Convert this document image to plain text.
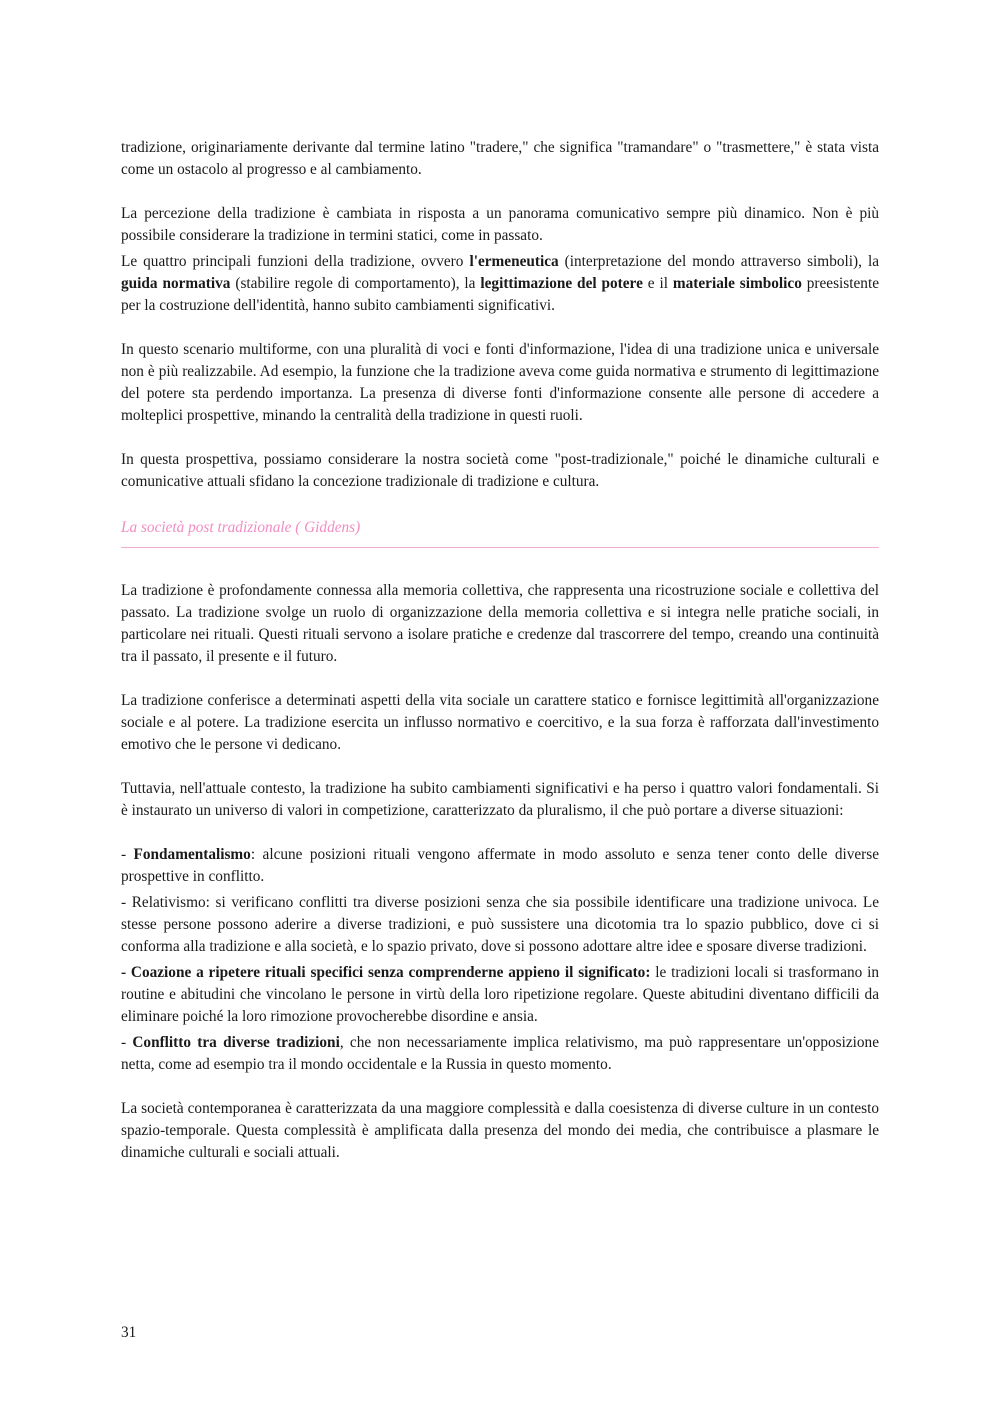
tradizione, originariamente derivante dal termine latino "tradere," che significa "tramandare" o "trasmettere," è stata vista come un ostacolo al progresso e al cambiamento.

La percezione della tradizione è cambiata in risposta a un panorama comunicativo sempre più dinamico. Non è più possibile considerare la tradizione in termini statici, come in passato.

Le quattro principali funzioni della tradizione, ovvero l'ermeneutica (interpretazione del mondo attraverso simboli), la guida normativa (stabilire regole di comportamento), la legittimazione del potere e il materiale simbolico preesistente per la costruzione dell'identità, hanno subito cambiamenti significativi.

In questo scenario multiforme, con una pluralità di voci e fonti d'informazione, l'idea di una tradizione unica e universale non è più realizzabile. Ad esempio, la funzione che la tradizione aveva come guida normativa e strumento di legittimazione del potere sta perdendo importanza. La presenza di diverse fonti d'informazione consente alle persone di accedere a molteplici prospettive, minando la centralità della tradizione in questi ruoli.

In questa prospettiva, possiamo considerare la nostra società come "post-tradizionale," poiché le dinamiche culturali e comunicative attuali sfidano la concezione tradizionale di tradizione e cultura.

La società post tradizionale ( Giddens)

La tradizione è profondamente connessa alla memoria collettiva, che rappresenta una ricostruzione sociale e collettiva del passato. La tradizione svolge un ruolo di organizzazione della memoria collettiva e si integra nelle pratiche sociali, in particolare nei rituali. Questi rituali servono a isolare pratiche e credenze dal trascorrere del tempo, creando una continuità tra il passato, il presente e il futuro.

La tradizione conferisce a determinati aspetti della vita sociale un carattere statico e fornisce legittimità all'organizzazione sociale e al potere. La tradizione esercita un influsso normativo e coercitivo, e la sua forza è rafforzata dall'investimento emotivo che le persone vi dedicano.

Tuttavia, nell'attuale contesto, la tradizione ha subito cambiamenti significativi e ha perso i quattro valori fondamentali. Si è instaurato un universo di valori in competizione, caratterizzato da pluralismo, il che può portare a diverse situazioni:

- Fondamentalismo: alcune posizioni rituali vengono affermate in modo assoluto e senza tener conto delle diverse prospettive in conflitto.

- Relativismo: si verificano conflitti tra diverse posizioni senza che sia possibile identificare una tradizione univoca. Le stesse persone possono aderire a diverse tradizioni, e può sussistere una dicotomia tra lo spazio pubblico, dove ci si conforma alla tradizione e alla società, e lo spazio privato, dove si possono adottare altre idee e sposare diverse tradizioni.

- Coazione a ripetere rituali specifici senza comprenderne appieno il significato: le tradizioni locali si trasformano in routine e abitudini che vincolano le persone in virtù della loro ripetizione regolare. Queste abitudini diventano difficili da eliminare poiché la loro rimozione provocherebbe disordine e ansia.

- Conflitto tra diverse tradizioni, che non necessariamente implica relativismo, ma può rappresentare un'opposizione netta, come ad esempio tra il mondo occidentale e la Russia in questo momento.

La società contemporanea è caratterizzata da una maggiore complessità e dalla coesistenza di diverse culture in un contesto spazio-temporale. Questa complessità è amplificata dalla presenza del mondo dei media, che contribuisce a plasmare le dinamiche culturali e sociali attuali.

31
